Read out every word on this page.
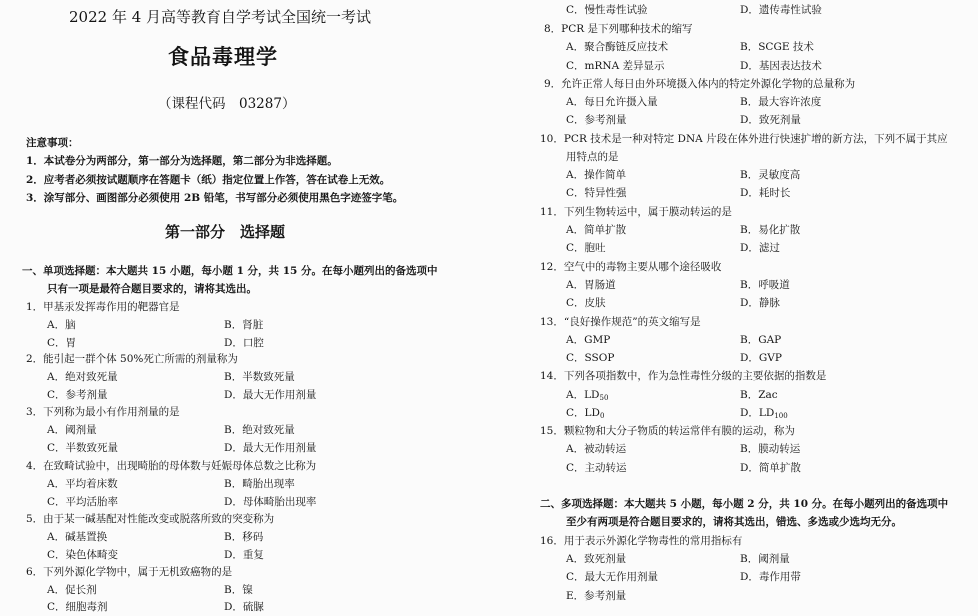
2022 年 4 月高等教育自学考试全国统一考试
食品毒理学
（课程代码　03287）
注意事项：
1．本试卷分为两部分，第一部分为选择题，第二部分为非选择题。
2．应考者必须按试题顺序在答题卡（纸）指定位置上作答，答在试卷上无效。
3．涂写部分、画图部分必须使用 2B 铅笔，书写部分必须使用黑色字迹签字笔。
第一部分　选择题
一、单项选择题：本大题共 15 小题，每小题 1 分，共 15 分。在每小题列出的备选项中
只有一项是最符合题目要求的，请将其选出。
1．甲基汞发挥毒作用的靶器官是
A．脑	B．肾脏
C．胃	D．口腔
2．能引起一群个体 50%死亡所需的剂量称为
A．绝对致死量	B．半数致死量
C．参考剂量	D．最大无作用剂量
3．下列称为最小有作用剂量的是
A．阈剂量	B．绝对致死量
C．半数致死量	D．最大无作用剂量
4．在致畸试验中，出现畸胎的母体数与妊娠母体总数之比称为
A．平均着床数	B．畸胎出现率
C．平均活胎率	D．母体畸胎出现率
5．由于某一碱基配对性能改变或脱落所致的突变称为
A．碱基置换	B．移码
C．染色体畸变	D．重复
6．下列外源化学物中，属于无机致癌物的是
A．促长剂	B．镍
C．细胞毒剂	D．硫脲
C．慢性毒性试验	D．遗传毒性试验
8．PCR 是下列哪种技术的缩写
A．聚合酶链反应技术	B．SCGE 技术
C．mRNA 差异显示	D．基因表达技术
9．允许正常人每日由外环境摄入体内的特定外源化学物的总量称为
A．每日允许摄入量	B．最大容许浓度
C．参考剂量	D．致死剂量
10．PCR 技术是一种对特定 DNA 片段在体外进行快速扩增的新方法，下列不属于其应
用特点的是
A．操作简单	B．灵敏度高
C．特异性强	D．耗时长
11．下列生物转运中，属于膜动转运的是
A．简单扩散	B．易化扩散
C．胞吐	D．滤过
12．空气中的毒物主要从哪个途径吸收
A．胃肠道	B．呼吸道
C．皮肤	D．静脉
13．“良好操作规范”的英文缩写是
A．GMP	B．GAP
C．SSOP	D．GVP
14．下列各项指数中，作为急性毒性分级的主要依据的指数是
A．$LD_{50}$	B．Zac
C．$LD_0$	D．$LD_{100}$
15．颗粒物和大分子物质的转运常伴有膜的运动，称为
A．被动转运	B．膜动转运
C．主动转运	D．简单扩散
二、多项选择题：本大题共 5 小题，每小题 2 分，共 10 分。在每小题列出的备选项中
至少有两项是符合题目要求的，请将其选出，错选、多选或少选均无分。
16．用于表示外源化学物毒性的常用指标有
A．致死剂量	B．阈剂量
C．最大无作用剂量	D．毒作用带
E．参考剂量
